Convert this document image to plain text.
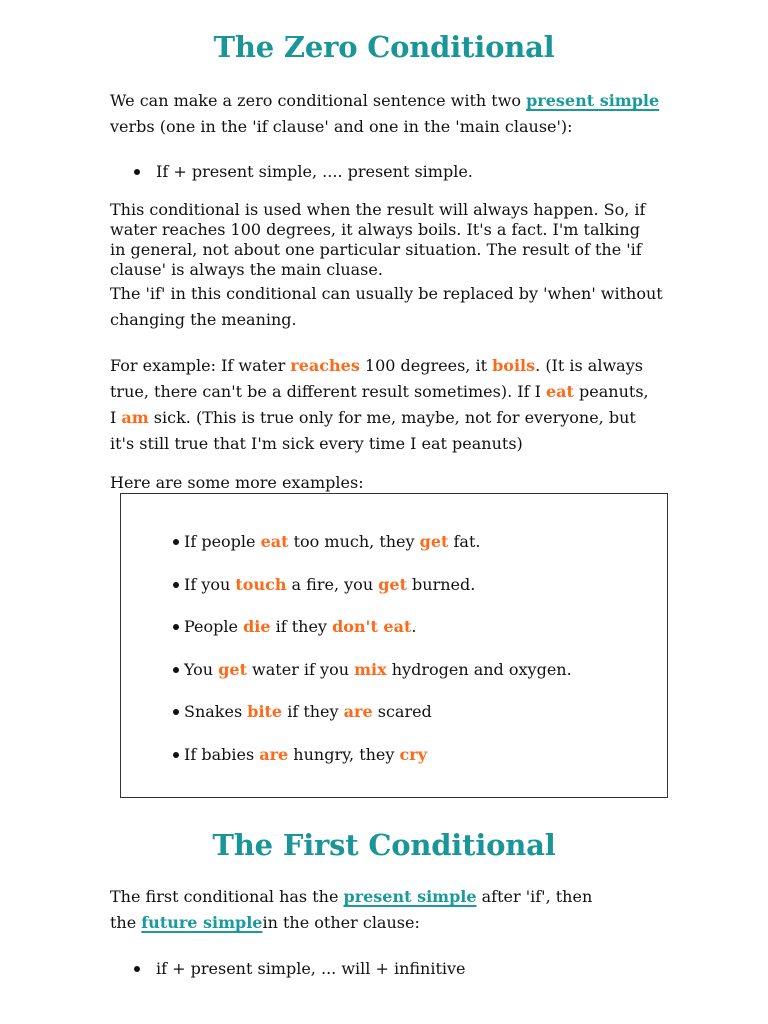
The Zero Conditional

We can make a zero conditional sentence with two present simple verbs (one in the 'if clause' and one in the 'main clause'):

If + present simple, .... present simple.

This conditional is used when the result will always happen. So, if water reaches 100 degrees, it always boils. It's a fact. I'm talking in general, not about one particular situation. The result of the 'if clause' is always the main cluase.

The 'if' in this conditional can usually be replaced by 'when' without changing the meaning.

For example: If water reaches 100 degrees, it boils. (It is always true, there can't be a different result sometimes). If I eat peanuts, I am sick. (This is true only for me, maybe, not for everyone, but it's still true that I'm sick every time I eat peanuts)

Here are some more examples:

If people eat too much, they get fat.
If you touch a fire, you get burned.
People die if they don't eat.
You get water if you mix hydrogen and oxygen.
Snakes bite if they are scared
If babies are hungry, they cry
The First Conditional

The first conditional has the present simple after 'if', then the future simplein the other clause:

if + present simple, ... will + infinitive
